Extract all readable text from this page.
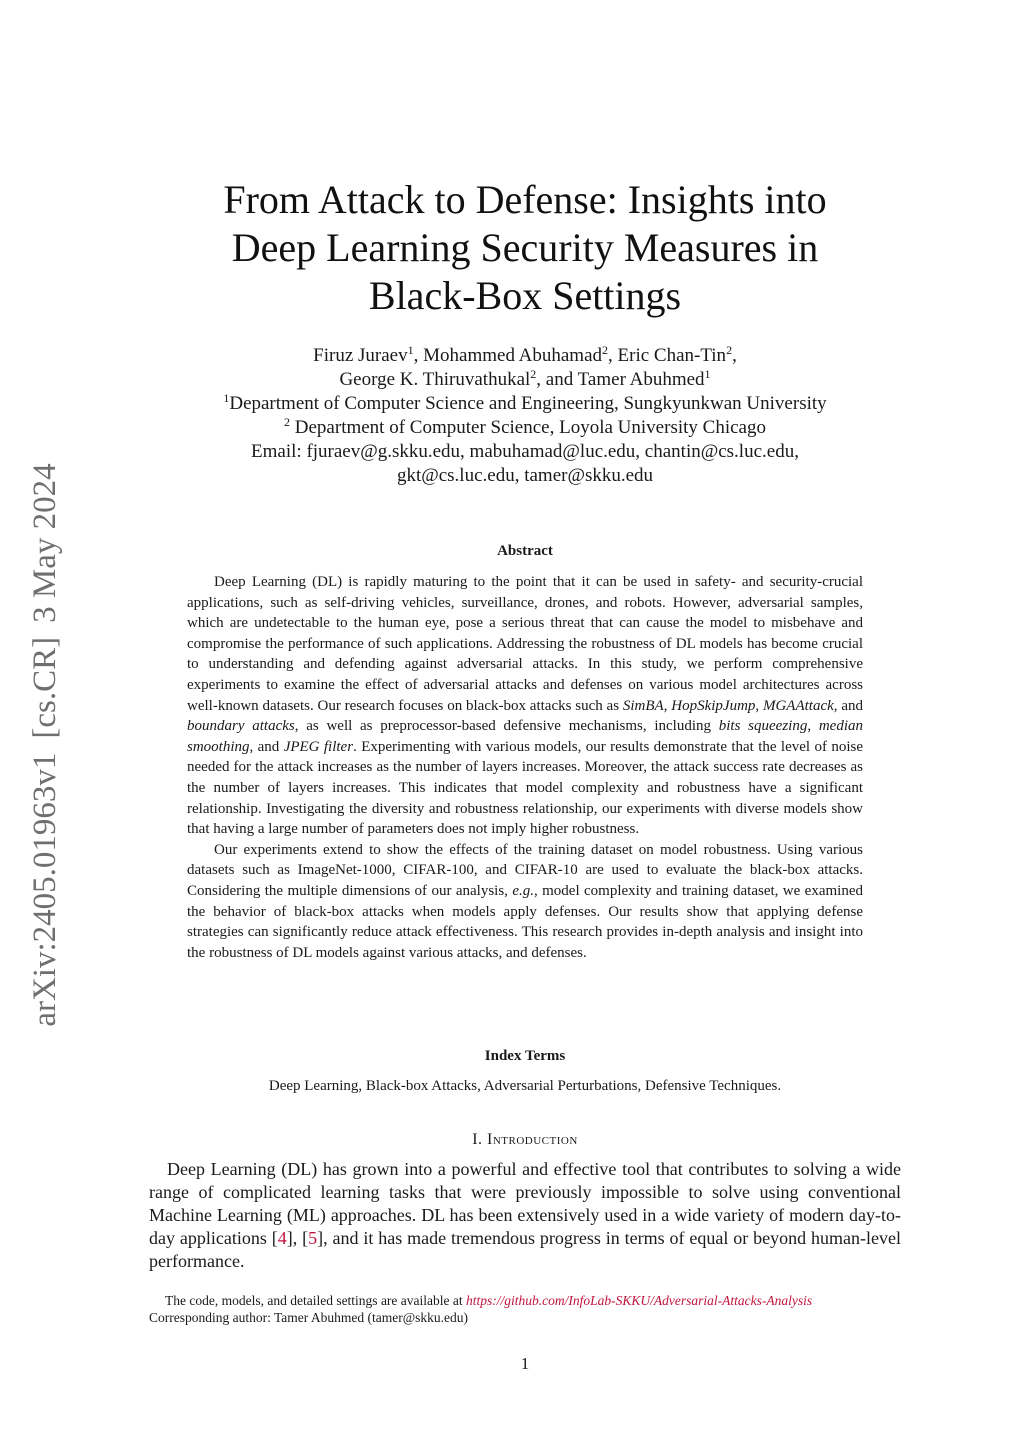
arXiv:2405.01963v1[cs.CR]3 May 2024
From Attack to Defense: Insights into
Deep Learning Security Measures in
Black-Box Settings
Firuz Juraev$^1$, Mohammed Abuhamad$^2$, Eric Chan-Tin$^2$,
George K. Thiruvathukal$^2$, and Tamer Abuhmed$^1$
$^1$Department of Computer Science and Engineering, Sungkyunkwan University
$^2$ Department of Computer Science, Loyola University Chicago
Email: fjuraev@g.skku.edu, mabuhamad@luc.edu, chantin@cs.luc.edu,
gkt@cs.luc.edu, tamer@skku.edu
Abstract

Deep Learning (DL) is rapidly maturing to the point that it can be used in safety- and security-crucial applications, such as self-driving vehicles, surveillance, drones, and robots. However, adversarial samples, which are undetectable to the human eye, pose a serious threat that can cause the model to misbehave and compromise the performance of such applications. Addressing the robustness of DL models has become crucial to understanding and defending against adversarial attacks. In this study, we perform comprehensive experiments to examine the effect of adversarial attacks and defenses on various model architectures across well-known datasets. Our research focuses on black-box attacks such as SimBA, HopSkipJump, MGAAttack, and boundary attacks, as well as preprocessor-based defensive mechanisms, including bits squeezing, median smoothing, and JPEG filter. Experimenting with various models, our results demonstrate that the level of noise needed for the attack increases as the number of layers increases. Moreover, the attack success rate decreases as the number of layers increases. This indicates that model complexity and robustness have a significant relationship. Investigating the diversity and robustness relationship, our experiments with diverse models show that having a large number of parameters does not imply higher robustness.

Our experiments extend to show the effects of the training dataset on model robustness. Using various datasets such as ImageNet-1000, CIFAR-100, and CIFAR-10 are used to evaluate the black-box attacks. Considering the multiple dimensions of our analysis, e.g., model complexity and training dataset, we examined the behavior of black-box attacks when models apply defenses. Our results show that applying defense strategies can significantly reduce attack effectiveness. This research provides in-depth analysis and insight into the robustness of DL models against various attacks, and defenses.

Index Terms
Deep Learning, Black-box Attacks, Adversarial Perturbations, Defensive Techniques.
I. Introduction

Deep Learning (DL) has grown into a powerful and effective tool that contributes to solving a wide range of complicated learning tasks that were previously impossible to solve using conventional Machine Learning (ML) approaches. DL has been extensively used in a wide variety of modern day-to-day applications [4], [5], and it has made tremendous progress in terms of equal or beyond human-level performance.

The code, models, and detailed settings are available at https://github.com/InfoLab-SKKU/Adversarial-Attacks-Analysis
Corresponding author: Tamer Abuhmed (tamer@skku.edu)
1
